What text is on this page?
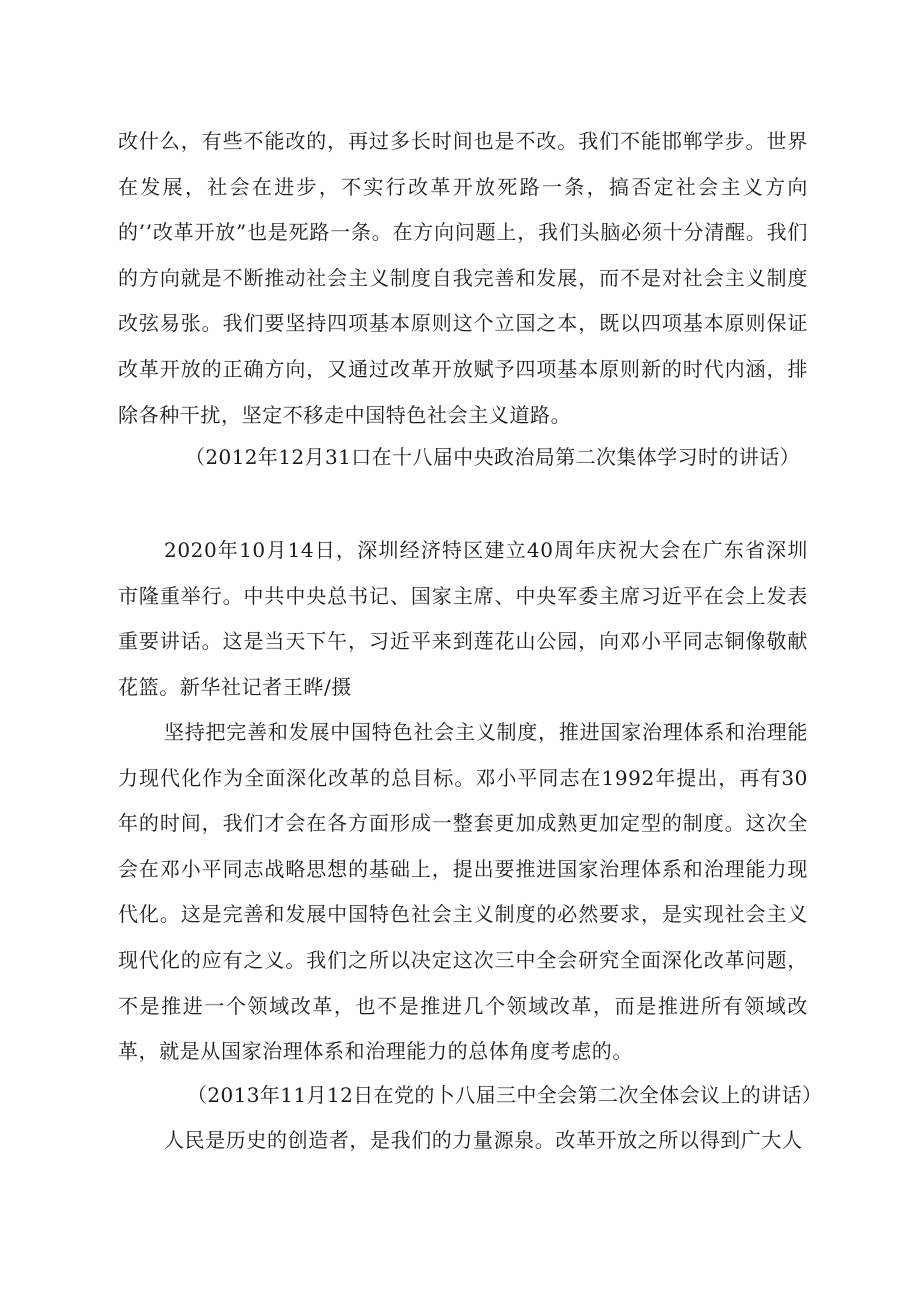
改什么，有些不能改的，再过多长时间也是不改。我们不能邯郸学步。世界在发展，社会在进步，不实行改革开放死路一条，搞否定社会主义方向的’’改革开放”也是死路一条。在方向问题上，我们头脑必须十分清醒。我们的方向就是不断推动社会主义制度自我完善和发展，而不是对社会主义制度改弦易张。我们要坚持四项基本原则这个立国之本，既以四项基本原则保证改革开放的正确方向，又通过改革开放赋予四项基本原则新的时代内涵，排除各种干扰，坚定不移走中国特色社会主义道路。

（2012年12月31口在十八届中央政治局第二次集体学习时的讲话）

2020年10月14日，深圳经济特区建立40周年庆祝大会在广东省深圳市隆重举行。中共中央总书记、国家主席、中央军委主席习近平在会上发表重要讲话。这是当天下午，习近平来到莲花山公园，向邓小平同志铜像敬献花篮。新华社记者王晔/摄

坚持把完善和发展中国特色社会主义制度，推进国家治理体系和治理能力现代化作为全面深化改革的总目标。邓小平同志在1992年提出，再有30年的时间，我们才会在各方面形成一整套更加成熟更加定型的制度。这次全会在邓小平同志战略思想的基础上，提出要推进国家治理体系和治理能力现代化。这是完善和发展中国特色社会主义制度的必然要求，是实现社会主义现代化的应有之义。我们之所以决定这次三中全会研究全面深化改革问题，不是推进一个领域改革，也不是推进几个领域改革，而是推进所有领域改革，就是从国家治理体系和治理能力的总体角度考虑的。

（2013年11月12日在党的卜八届三中全会第二次全体会议上的讲话）

人民是历史的创造者，是我们的力量源泉。改革开放之所以得到广大人
